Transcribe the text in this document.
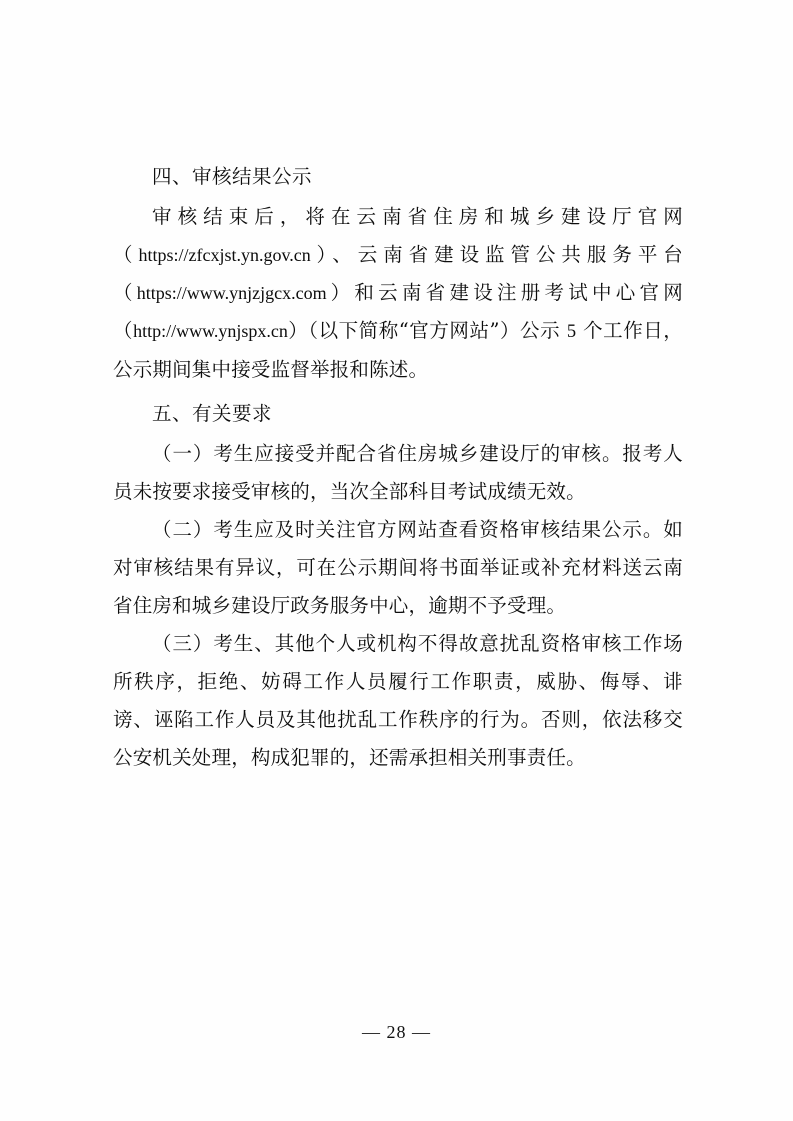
四、审核结果公示

审核结束后，将在云南省住房和城乡建设厅官网（https://zfcxjst.yn.gov.cn）、云南省建设监管公共服务平台（https://www.ynjzjgcx.com）和云南省建设注册考试中心官网（http://www.ynjspx.cn）（以下简称“官方网站”）公示 5 个工作日，公示期间集中接受监督举报和陈述。

五、有关要求

（一）考生应接受并配合省住房城乡建设厅的审核。报考人员未按要求接受审核的，当次全部科目考试成绩无效。

（二）考生应及时关注官方网站查看资格审核结果公示。如对审核结果有异议，可在公示期间将书面举证或补充材料送云南省住房和城乡建设厅政务服务中心，逾期不予受理。

（三）考生、其他个人或机构不得故意扰乱资格审核工作场所秩序，拒绝、妨碍工作人员履行工作职责，威胁、侮辱、诽谤、诬陷工作人员及其他扰乱工作秩序的行为。否则，依法移交公安机关处理，构成犯罪的，还需承担相关刑事责任。

— 28 —
